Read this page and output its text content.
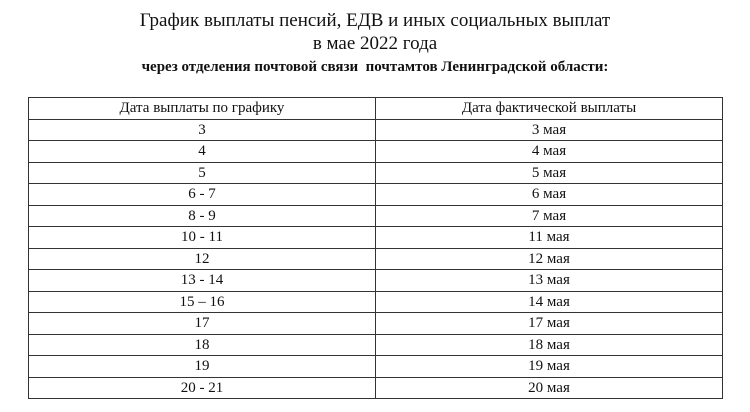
График выплаты пенсий, ЕДВ и иных социальных выплат
в мае 2022 года
через отделения почтовой связи  почтамтов Ленинградской области:
Дата выплаты по графику	Дата фактической выплаты
3	3 мая
4	4 мая
5	5 мая
6 - 7	6 мая
8 - 9	7 мая
10 - 11	11 мая
12	12 мая
13 - 14	13 мая
15 – 16	14 мая
17	17 мая
18	18 мая
19	19 мая
20 - 21	20 мая
